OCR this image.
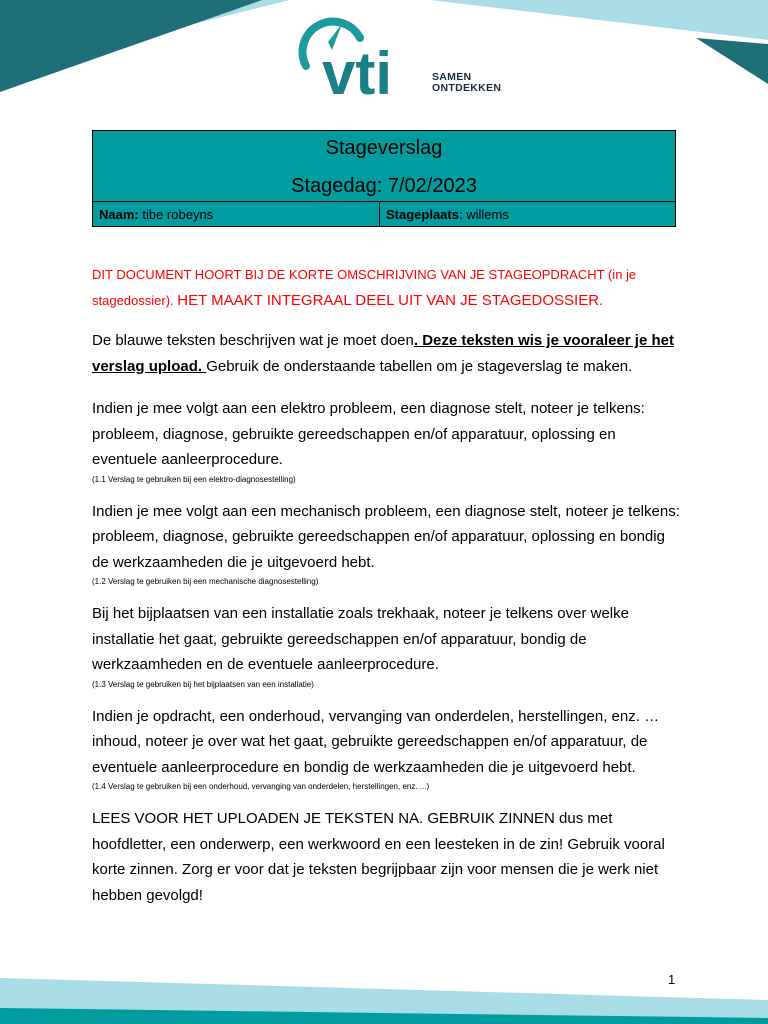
vti	SAMEN
ONTDEKKEN
Stageverslag
Stagedag: 7/02/2023

Naam: tibe robeyns	Stageplaats: willems

DIT DOCUMENT HOORT BIJ DE KORTE OMSCHRIJVING VAN JE STAGEOPDRACHT (in je stagedossier). HET MAAKT INTEGRAAL DEEL UIT VAN JE STAGEDOSSIER.

De blauwe teksten beschrijven wat je moet doen. Deze teksten wis je vooraleer je het verslag upload. Gebruik de onderstaande tabellen om je stageverslag te maken.

Indien je mee volgt aan een elektro probleem, een diagnose stelt, noteer je telkens: probleem, diagnose, gebruikte gereedschappen en/of apparatuur, oplossing en eventuele aanleerprocedure.

(1.1 Verslag te gebruiken bij een elektro-diagnosestelling)

Indien je mee volgt aan een mechanisch probleem, een diagnose stelt, noteer je telkens: probleem, diagnose, gebruikte gereedschappen en/of apparatuur, oplossing en bondig de werkzaamheden die je uitgevoerd hebt.

(1.2 Verslag te gebruiken bij een mechanische diagnosestelling)

Bij het bijplaatsen van een installatie zoals trekhaak, noteer je telkens over welke installatie het gaat, gebruikte gereedschappen en/of apparatuur, bondig de werkzaamheden en de eventuele aanleerprocedure.

(1.3 Verslag te gebruiken bij het bijplaatsen van een installatie)

Indien je opdracht, een onderhoud, vervanging van onderdelen, herstellingen, enz. … inhoud, noteer je over wat het gaat, gebruikte gereedschappen en/of apparatuur, de eventuele aanleerprocedure en bondig de werkzaamheden die je uitgevoerd hebt.

(1.4 Verslag te gebruiken bij een onderhoud, vervanging van onderdelen, herstellingen, enz. ...)

LEES VOOR HET UPLOADEN JE TEKSTEN NA. GEBRUIK ZINNEN dus met hoofdletter, een onderwerp, een werkwoord en een leesteken in de zin! Gebruik vooral korte zinnen. Zorg er voor dat je teksten begrijpbaar zijn voor mensen die je werk niet hebben gevolgd!

1
